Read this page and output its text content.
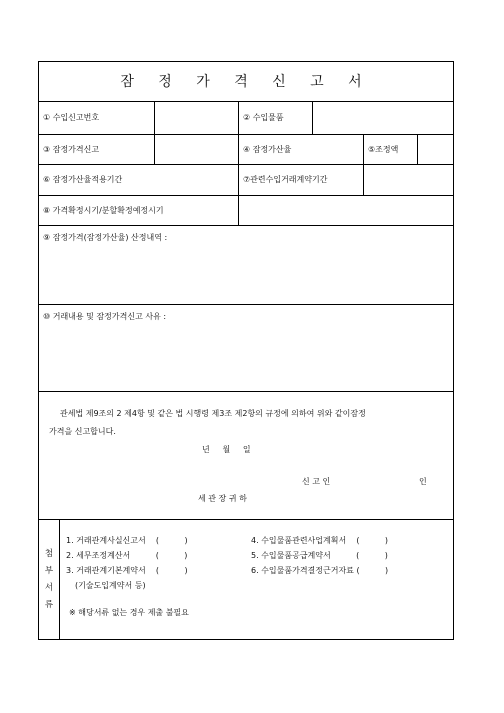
잠 정 가 격 신 고 서
① 수입신고번호	② 수입물품
③ 잠정가격신고	④ 잠정가산율	⑤조정액
⑥ 잠정가산율적용기간	⑦관련수입거래계약기간
⑧ 가격확정시기/분할확정예정시기
⑨ 잠정가격(잠정가산율) 산정내역 :
⑩ 거래내용 및 잠정가격신고 사유 :
관세법 제9조의 2 제4항 및 같은 법 시행령 제3조 제2항의 규정에 의하여 위와 같이잠정
가격을 신고합니다.
년     월     일
신 고 인	인
세 관 장 귀 하
첨
부
서
류
1. 거래관계사실신고서    (          )
2. 세무조정계산서          (          )
3. 거래관계기본계약서    (          )
(기술도입계약서 등)
4. 수입물품관련사업계획서    (          )
5. 수입물품공급계약서          (          )
6. 수입물품가격결정근거자료 (          )
※ 해당서류 없는 경우 제출 불필요
